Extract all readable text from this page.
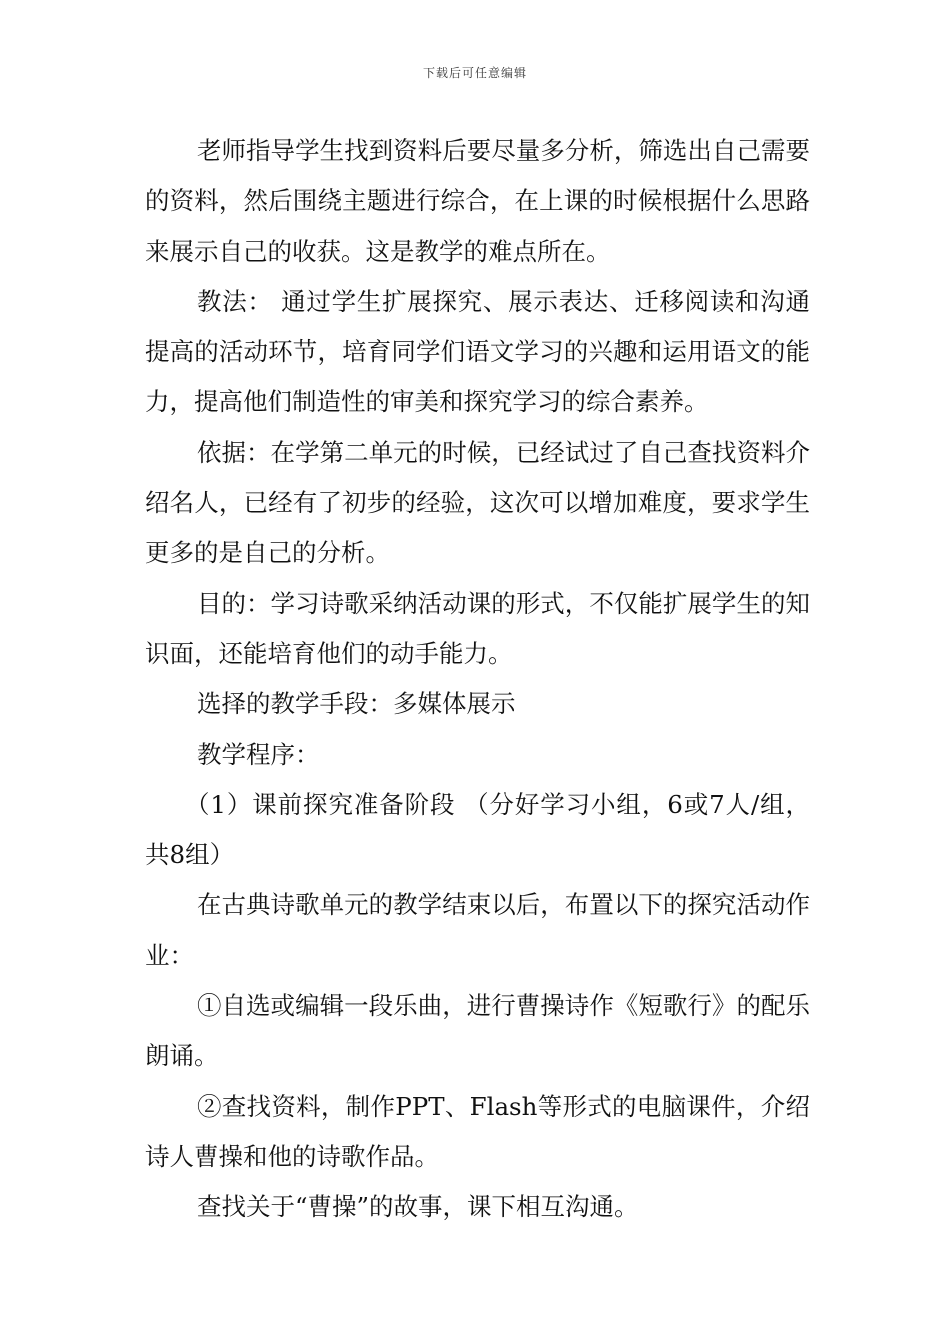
下载后可任意编辑

老师指导学生找到资料后要尽量多分析，筛选出自己需要的资料，然后围绕主题进行综合，在上课的时候根据什么思路来展示自己的收获。这是教学的难点所在。

教法： 通过学生扩展探究、展示表达、迁移阅读和沟通提高的活动环节，培育同学们语文学习的兴趣和运用语文的能力，提高他们制造性的审美和探究学习的综合素养。

依据：在学第二单元的时候，已经试过了自己查找资料介绍名人，已经有了初步的经验，这次可以增加难度，要求学生更多的是自己的分析。

目的：学习诗歌采纳活动课的形式，不仅能扩展学生的知识面，还能培育他们的动手能力。

选择的教学手段：多媒体展示

教学程序：

（1）课前探究准备阶段 （分好学习小组，6或7人/组，共8组）

在古典诗歌单元的教学结束以后，布置以下的探究活动作业：

①自选或编辑一段乐曲，进行曹操诗作《短歌行》的配乐朗诵。

②查找资料，制作PPT、Flash等形式的电脑课件，介绍诗人曹操和他的诗歌作品。

查找关于“曹操”的故事，课下相互沟通。
